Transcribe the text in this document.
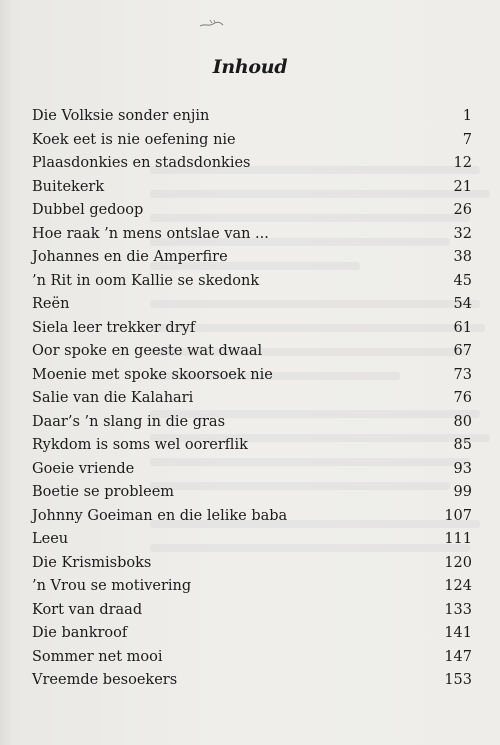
Inhoud
Die Volksie sonder enjin	1
Koek eet is nie oefening nie	7
Plaasdonkies en stadsdonkies	12
Buitekerk	21
Dubbel gedoop	26
Hoe raak ’n mens ontslae van ...	32
Johannes en die Amperfire	38
’n Rit in oom Kallie se skedonk	45
Reën	54
Siela leer trekker dryf	61
Oor spoke en geeste wat dwaal	67
Moenie met spoke skoorsoek nie	73
Salie van die Kalahari	76
Daar’s ’n slang in die gras	80
Rykdom is soms wel oorerflik	85
Goeie vriende	93
Boetie se probleem	99
Johnny Goeiman en die lelike baba	107
Leeu	111
Die Krismisboks	120
’n Vrou se motivering	124
Kort van draad	133
Die bankroof	141
Sommer net mooi	147
Vreemde besoekers	153
